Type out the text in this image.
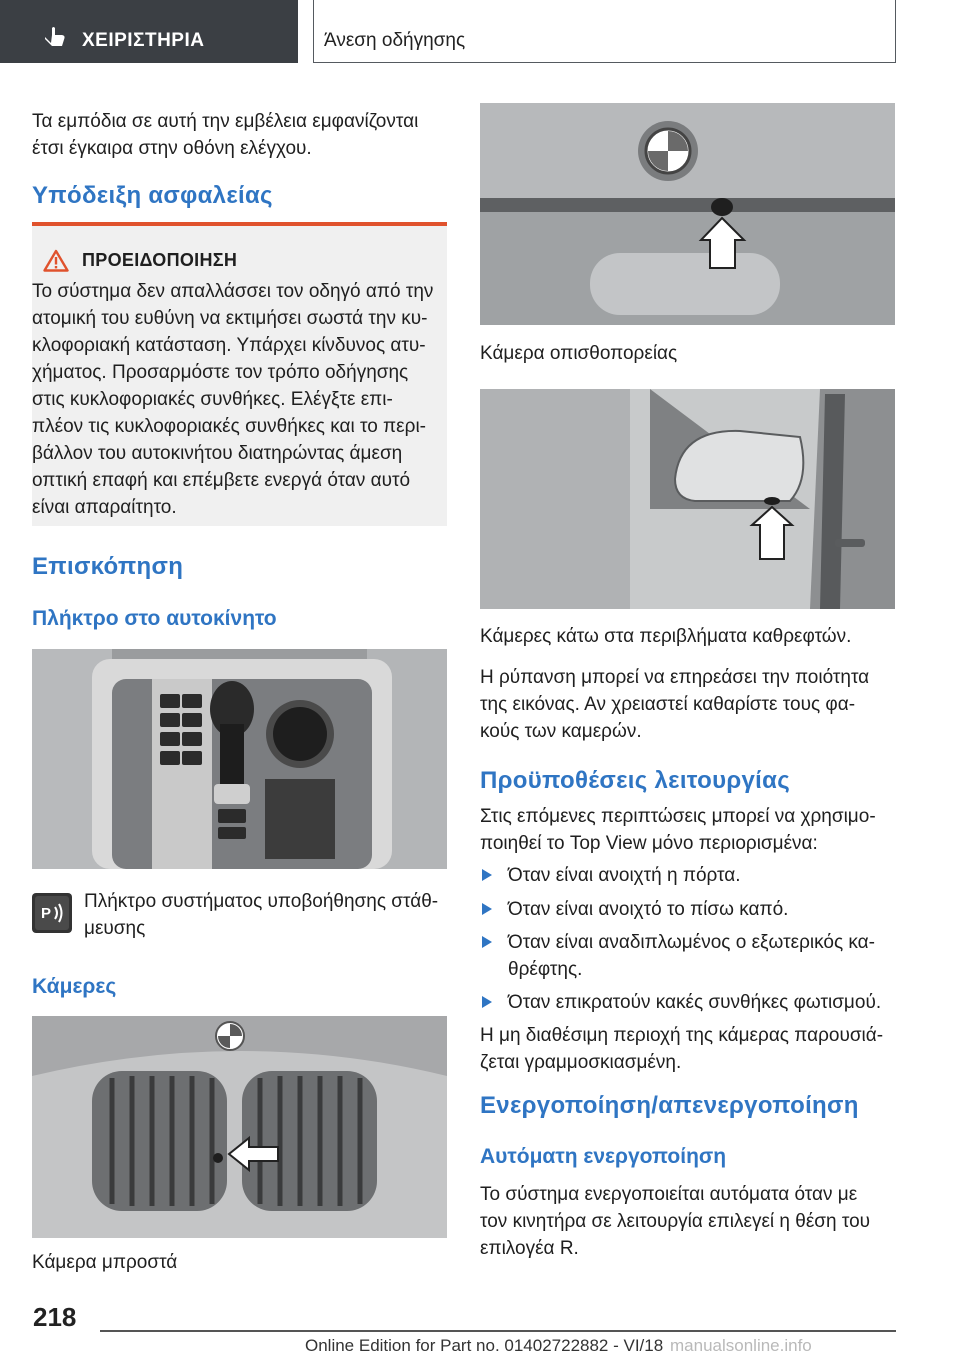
ΧΕΙΡΙΣΤΗΡΙΑ	Άνεση οδήγησης
Τα εμπόδια σε αυτή την εμβέλεια εμφανίζονται
έτσι έγκαιρα στην οθόνη ελέγχου.
Υπόδειξη ασφαλείας
ΠΡΟΕΙΔΟΠΟΙΗΣΗ
Το σύστημα δεν απαλλάσσει τον οδηγό από την
ατομική του ευθύνη να εκτιμήσει σωστά την κυ-
κλοφοριακή κατάσταση. Υπάρχει κίνδυνος ατυ-
χήματος. Προσαρμόστε τον τρόπο οδήγησης
στις κυκλοφοριακές συνθήκες. Ελέγξτε επι-
πλέον τις κυκλοφοριακές συνθήκες και το περι-
βάλλον του αυτοκινήτου διατηρώντας άμεση
οπτική επαφή και επέμβετε ενεργά όταν αυτό
είναι απαραίτητο.
Επισκόπηση
Πλήκτρο στο αυτοκίνητο
P
Πλήκτρο συστήματος υποβοήθησης στάθ-
μευσης
Κάμερες
Κάμερα μπροστά
Κάμερα οπισθοπορείας
Κάμερες κάτω στα περιβλήματα καθρεφτών.
Η ρύπανση μπορεί να επηρεάσει την ποιότητα
της εικόνας. Αν χρειαστεί καθαρίστε τους φα-
κούς των καμερών.
Προϋποθέσεις λειτουργίας
Στις επόμενες περιπτώσεις μπορεί να χρησιμο-
ποιηθεί το Top View μόνο περιορισμένα:
Όταν είναι ανοιχτή η πόρτα.
Όταν είναι ανοιχτό το πίσω καπό.
Όταν είναι αναδιπλωμένος ο εξωτερικός κα-
θρέφτης.
Όταν επικρατούν κακές συνθήκες φωτισμού.
Η μη διαθέσιμη περιοχή της κάμερας παρουσιά-
ζεται γραμμοσκιασμένη.
Ενεργοποίηση/απενεργοποίηση
Αυτόματη ενεργοποίηση
Το σύστημα ενεργοποιείται αυτόματα όταν με
τον κινητήρα σε λειτουργία επιλεγεί η θέση του
επιλογέα R.
218
Online Edition for Part no. 01402722882 - VI/18 manualsonline.info
